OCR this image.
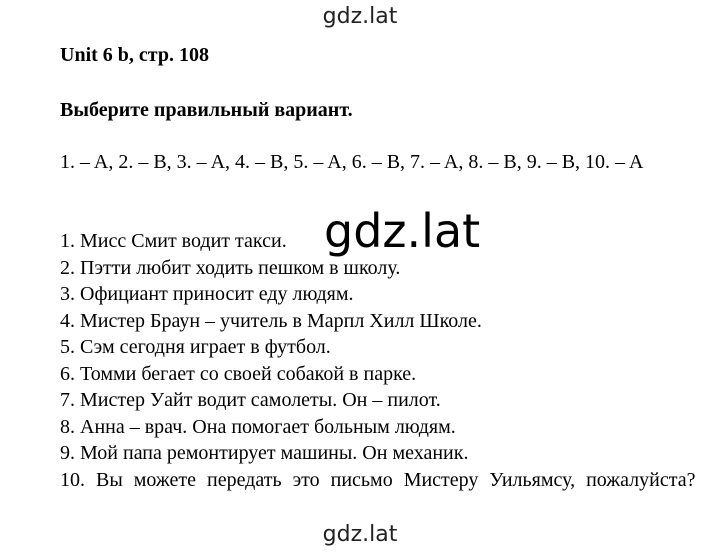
gdz.lat
Unit 6 b, стр. 108
Выберите правильный вариант.

1. – A, 2. – B, 3. – A, 4. – B, 5. – A, 6. – B, 7. – A, 8. – B, 9. – B, 10. – A

1. Мисс Смит водит такси.
2. Пэтти любит ходить пешком в школу.
3. Официант приносит еду людям.
4. Мистер Браун – учитель в Марпл Хилл Школе.
5. Сэм сегодня играет в футбол.
6. Томми бегает со своей собакой в парке.
7. Мистер Уайт водит самолеты. Он – пилот.
8. Анна – врач. Она помогает больным людям.
9. Мой папа ремонтирует машины. Он механик.
10. Вы можете передать это письмо Мистеру Уильямсу, пожалуйста?
gdz.lat
gdz.lat
